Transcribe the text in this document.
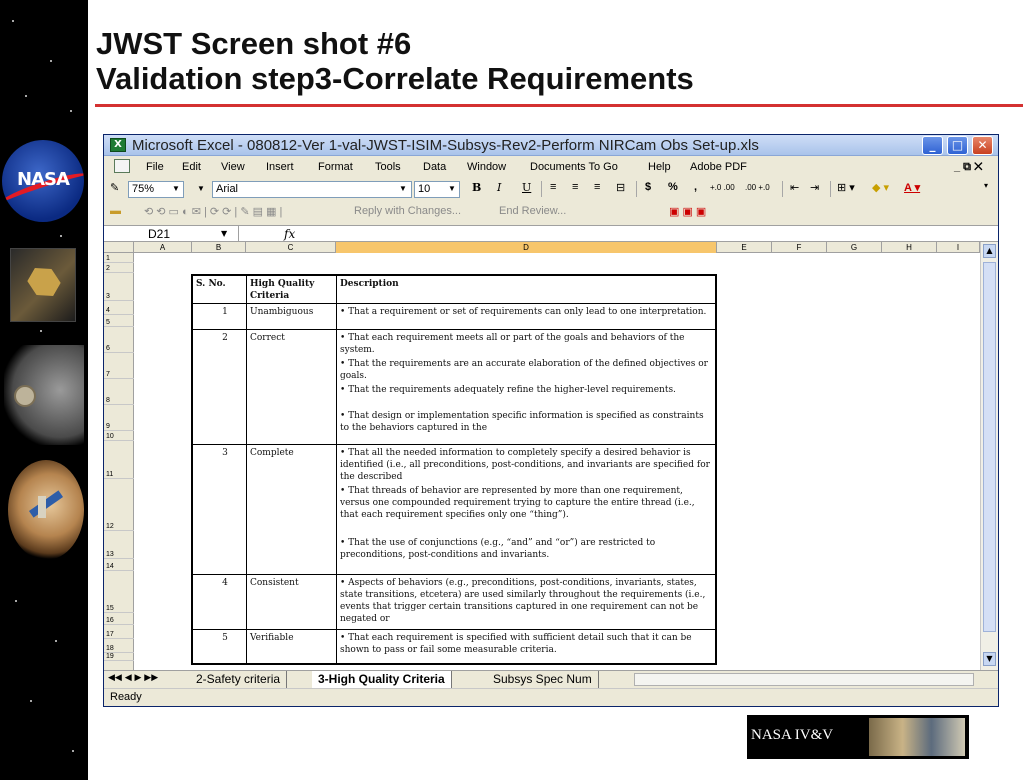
NASA
JWST Screen shot #6
Validation step3-Correlate Requirements
X Microsoft Excel - 080812-Ver 1-val-JWST-ISIM-Subsys-Rev2-Perform NIRCam Obs Set-up.xls	_	□	✕
File Edit View Insert Format Tools Data Window Documents To Go	Help Adobe PDF	_ ⧉ ✕
✎	75%	▼ ▼	Arial	▼	10	▼ B I U ≡ ≡ ≡ ⊟ $ % , +.0 .00 .00 +.0 ⇤ ⇥ ⊞ ▾ ◆ ▾ A ▾	▾
▬ ⟲ ⟲ ▭ ◐ ✉ | ⟳ ⟳ | ✎ ▤ ▦ |	Reply with Changes...	End Review...	▣ ▣ ▣
D21	▼	fx
A	B	C	D	E	F	G	H	I
1
2
3
4
5
6
7
8
9
10
11
12
13
14
15
16
17
18
19
S. No.	High Quality Criteria
Description
1	Unambiguous	• That a requirement or set of requirements can only lead to one interpretation.
2	Correct	• That each requirement meets all or part of the goals and behaviors of the system.
• That the requirements are an accurate elaboration of the defined objectives or goals.
• That the requirements adequately refine the higher-level requirements.
• That design or implementation specific information is specified as constraints to the behaviors captured in the
3	Complete	• That all the needed information to completely specify a desired behavior is identified (i.e., all preconditions, post-conditions, and invariants are specified for the described
• That threads of behavior are represented by more than one requirement, versus one compounded requirement trying to capture the entire thread (i.e., that each requirement specifies only one “thing”).
• That the use of conjunctions (e.g., “and” and “or”) are restricted to preconditions, post-conditions and invariants.
4	Consistent	• Aspects of behaviors (e.g., preconditions, post-conditions, invariants, states, state transitions, etcetera) are used similarly throughout the requirements (i.e., events that trigger certain transitions captured in one requirement can not be negated or
5	Verifiable	• That each requirement is specified with sufficient detail such that it can be shown to pass or fail some measurable criteria.
▲
▼
◀◀ ◀ ▶ ▶▶	2-Safety criteria	3-High Quality Criteria	Subsys Spec Num
Ready
NASA IV&V
